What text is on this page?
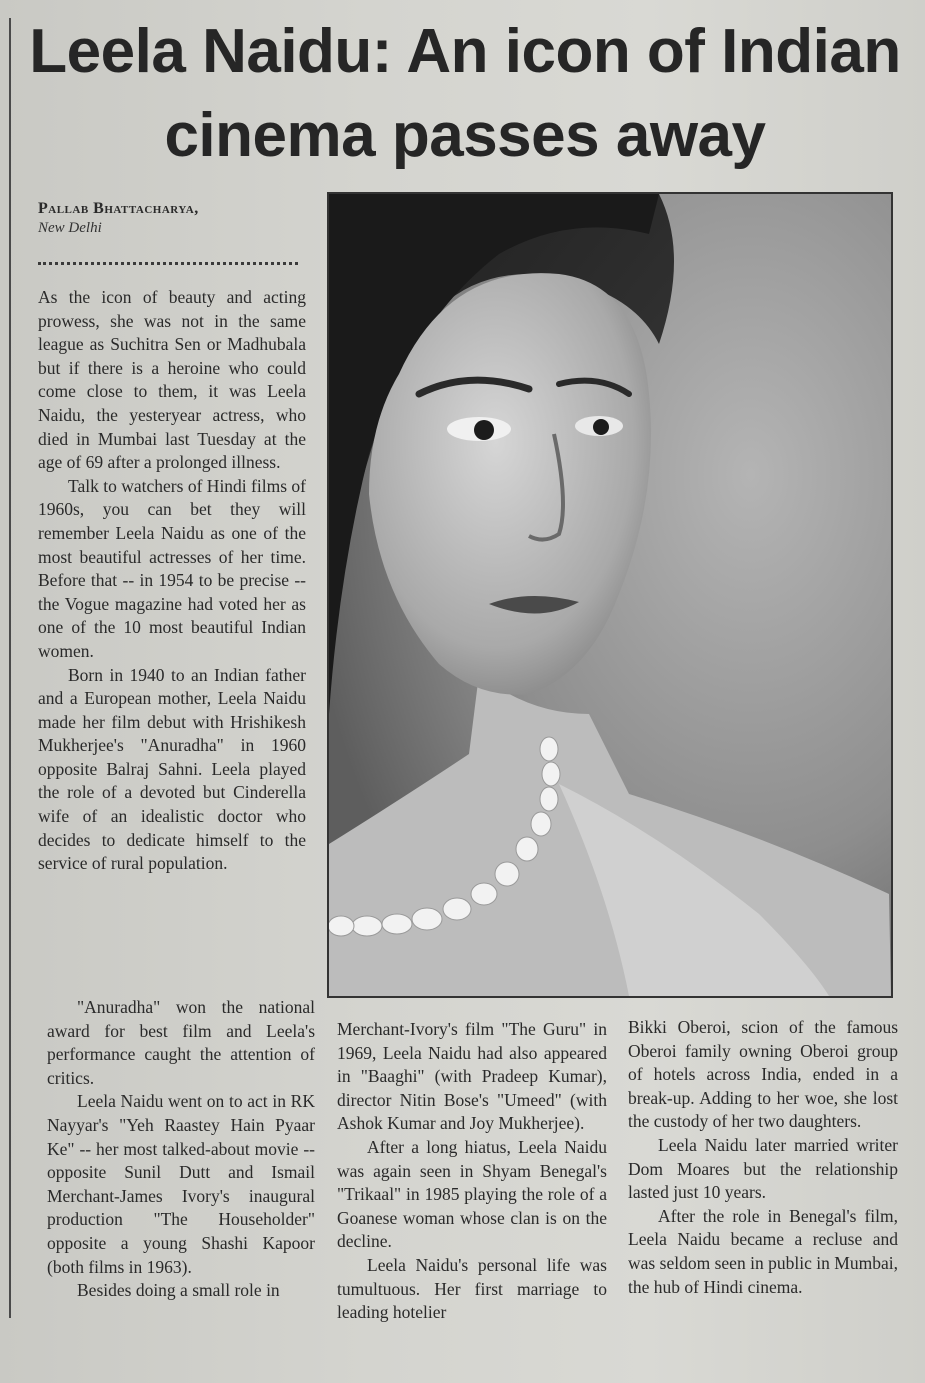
Leela Naidu: An icon of Indian cinema passes away
Pallab Bhattacharya,
New Delhi

As the icon of beauty and acting prowess, she was not in the same league as Suchitra Sen or Madhubala but if there is a heroine who could come close to them, it was Leela Naidu, the yesteryear actress, who died in Mumbai last Tuesday at the age of 69 after a prolonged illness.

Talk to watchers of Hindi films of 1960s, you can bet they will remember Leela Naidu as one of the most beautiful actresses of her time. Before that -- in 1954 to be precise -- the Vogue magazine had voted her as one of the 10 most beautiful Indian women.

Born in 1940 to an Indian father and a European mother, Leela Naidu made her film debut with Hrishikesh Mukherjee's "Anuradha" in 1960 opposite Balraj Sahni. Leela played the role of a devoted but Cinderella wife of an idealistic doctor who decides to dedicate himself to the service of rural population.

"Anuradha" won the national award for best film and Leela's performance caught the attention of critics.

Leela Naidu went on to act in RK Nayyar's "Yeh Raastey Hain Pyaar Ke" -- her most talked-about movie -- opposite Sunil Dutt and Ismail Merchant-James Ivory's inaugural production "The Householder" opposite a young Shashi Kapoor (both films in 1963).

Besides doing a small role in

Merchant-Ivory's film "The Guru" in 1969, Leela Naidu had also appeared in "Baaghi" (with Pradeep Kumar), director Nitin Bose's "Umeed" (with Ashok Kumar and Joy Mukherjee).

After a long hiatus, Leela Naidu was again seen in Shyam Benegal's "Trikaal" in 1985 playing the role of a Goanese woman whose clan is on the decline.

Leela Naidu's personal life was tumultuous. Her first marriage to leading hotelier

Bikki Oberoi, scion of the famous Oberoi family owning Oberoi group of hotels across India, ended in a break-up. Adding to her woe, she lost the custody of her two daughters.

Leela Naidu later married writer Dom Moares but the relationship lasted just 10 years.

After the role in Benegal's film, Leela Naidu became a recluse and was seldom seen in public in Mumbai, the hub of Hindi cinema.
